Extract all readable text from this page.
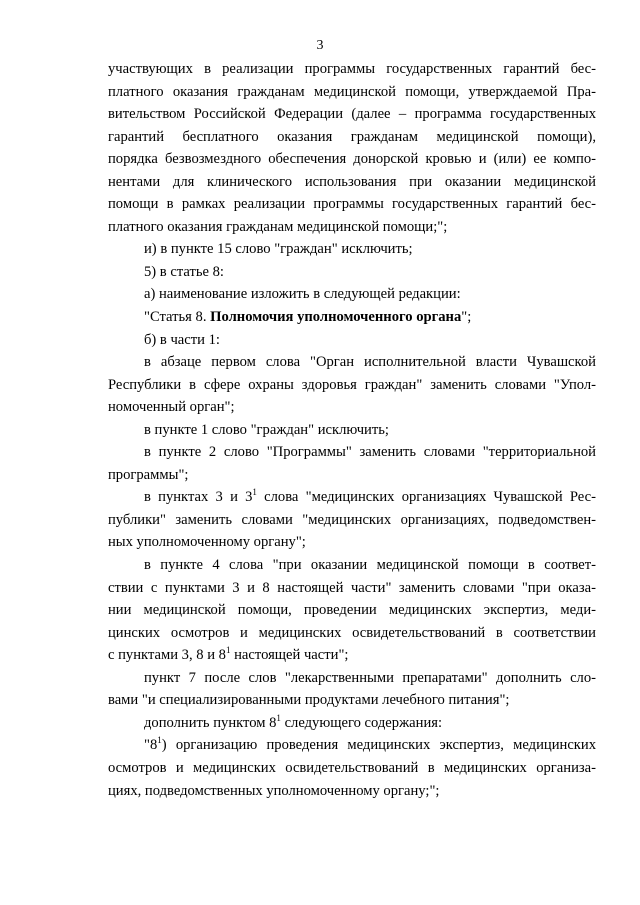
3

участвующих в реализации программы государственных гарантий бес-

платного оказания гражданам медицинской помощи, утверждаемой Пра-

вительством Российской Федерации (далее – программа государственных

гарантий бесплатного оказания гражданам медицинской помощи),

порядка безвозмездного обеспечения донорской кровью и (или) ее компо-

нентами для клинического использования при оказании медицинской

помощи в рамках реализации программы государственных гарантий бес-

платного оказания гражданам медицинской помощи;";

и) в пункте 15 слово "граждан" исключить;

5) в статье 8:

а) наименование изложить в следующей редакции:

"Статья 8. Полномочия уполномоченного органа";

б) в части 1:

в абзаце первом слова "Орган исполнительной власти Чувашской

Республики в сфере охраны здоровья граждан" заменить словами "Упол-

номоченный орган";

в пункте 1 слово "граждан" исключить;

в пункте 2 слово "Программы" заменить словами "территориальной

программы";

в пунктах 3 и $3^1$ слова "медицинских организациях Чувашской Рес-

публики" заменить словами "медицинских организациях, подведомствен-

ных уполномоченному органу";

в пункте 4 слова "при оказании медицинской помощи в соответ-

ствии с пунктами 3 и 8 настоящей части" заменить словами "при оказа-

нии медицинской помощи, проведении медицинских экспертиз, меди-

цинских осмотров и медицинских освидетельствований в соответствии

с пунктами 3, 8 и $8^1$ настоящей части";

пункт 7 после слов "лекарственными препаратами" дополнить сло-

вами "и специализированными продуктами лечебного питания";

дополнить пунктом $8^1$ следующего содержания:

"$8^1$) организацию проведения медицинских экспертиз, медицинских

осмотров и медицинских освидетельствований в медицинских организа-

циях, подведомственных уполномоченному органу;";
